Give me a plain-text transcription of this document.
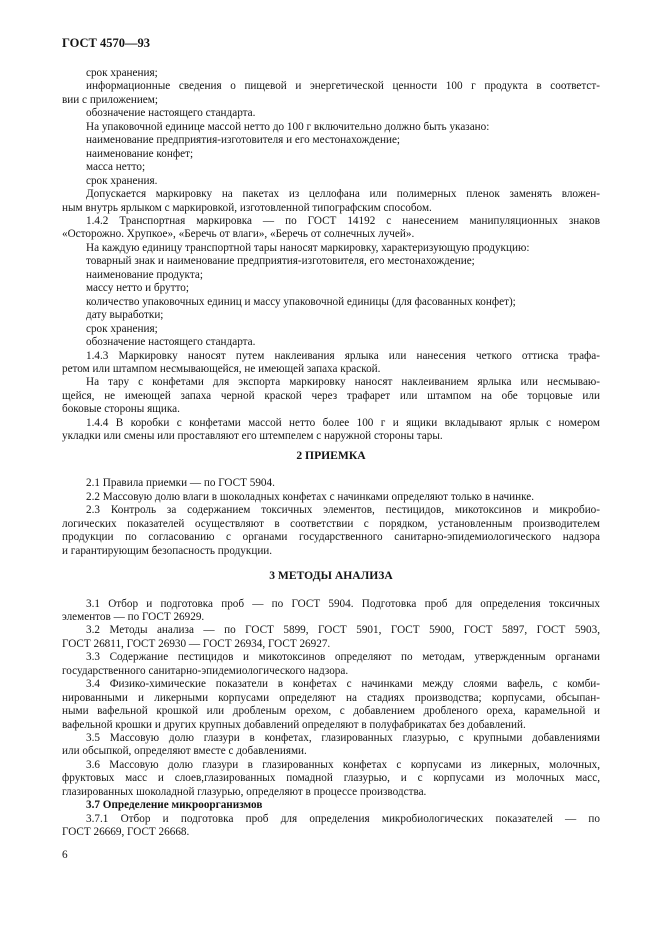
ГОСТ 4570—93
срок хранения;
информационные сведения о пищевой и энергетической ценности 100 г продукта в соответст-
вии с приложением;
обозначение настоящего стандарта.
На упаковочной единице массой нетто до 100 г включительно должно быть указано:
наименование предприятия-изготовителя и его местонахождение;
наименование конфет;
масса нетто;
срок хранения.
Допускается маркировку на пакетах из целлофана или полимерных пленок заменять вложен-
ным внутрь ярлыком с маркировкой, изготовленной типографским способом.
1.4.2 Транспортная маркировка — по ГОСТ 14192 с нанесением манипуляционных знаков
«Осторожно. Хрупкое», «Беречь от влаги», «Беречь от солнечных лучей».
На каждую единицу транспортной тары наносят маркировку, характеризующую продукцию:
товарный знак и наименование предприятия-изготовителя, его местонахождение;
наименование продукта;
массу нетто и брутто;
количество упаковочных единиц и массу упаковочной единицы (для фасованных конфет);
дату выработки;
срок хранения;
обозначение настоящего стандарта.
1.4.3 Маркировку наносят путем наклеивания ярлыка или нанесения четкого оттиска трафа-
ретом или штампом несмывающейся, не имеющей запаха краской.
На тару с конфетами для экспорта маркировку наносят наклеиванием ярлыка или несмываю-
щейся, не имеющей запаха черной краской через трафарет или штампом на обе торцовые или
боковые стороны ящика.
1.4.4 В коробки с конфетами массой нетто более 100 г и ящики вкладывают ярлык с номером
укладки или смены или проставляют его штемпелем с наружной стороны тары.
2 ПРИЕМКА
2.1 Правила приемки — по ГОСТ 5904.
2.2 Массовую долю влаги в шоколадных конфетах с начинками определяют только в начинке.
2.3 Контроль за содержанием токсичных элементов, пестицидов, микотоксинов и микробио-
логических показателей осуществляют в соответствии с порядком, установленным производителем
продукции по согласованию с органами государственного санитарно-эпидемиологического надзора
и гарантирующим безопасность продукции.
3 МЕТОДЫ АНАЛИЗА
3.1 Отбор и подготовка проб — по ГОСТ 5904. Подготовка проб для определения токсичных
элементов — по ГОСТ 26929.
3.2 Методы анализа — по ГОСТ 5899, ГОСТ 5901, ГОСТ 5900, ГОСТ 5897, ГОСТ 5903,
ГОСТ 26811, ГОСТ 26930 — ГОСТ 26934, ГОСТ 26927.
3.3 Содержание пестицидов и микотоксинов определяют по методам, утвержденным органами
государственного санитарно-эпидемиологического надзора.
3.4 Физико-химические показатели в конфетах с начинками между слоями вафель, с комби-
нированными и ликерными корпусами определяют на стадиях производства; корпусами, обсыпан-
ными вафельной крошкой или дробленым орехом, с добавлением дробленого ореха, карамельной и
вафельной крошки и других крупных добавлений определяют в полуфабрикатах без добавлений.
3.5 Массовую долю глазури в конфетах, глазированных глазурью, с крупными добавлениями
или обсыпкой, определяют вместе с добавлениями.
3.6 Массовую долю глазури в глазированных конфетах с корпусами из ликерных, молочных,
фруктовых масс и слоев,глазированных помадной глазурью, и с корпусами из молочных масс,
глазированных шоколадной глазурью, определяют в процессе производства.
3.7 Определение микроорганизмов
3.7.1 Отбор и подготовка проб для определения микробиологических показателей — по
ГОСТ 26669, ГОСТ 26668.
6
